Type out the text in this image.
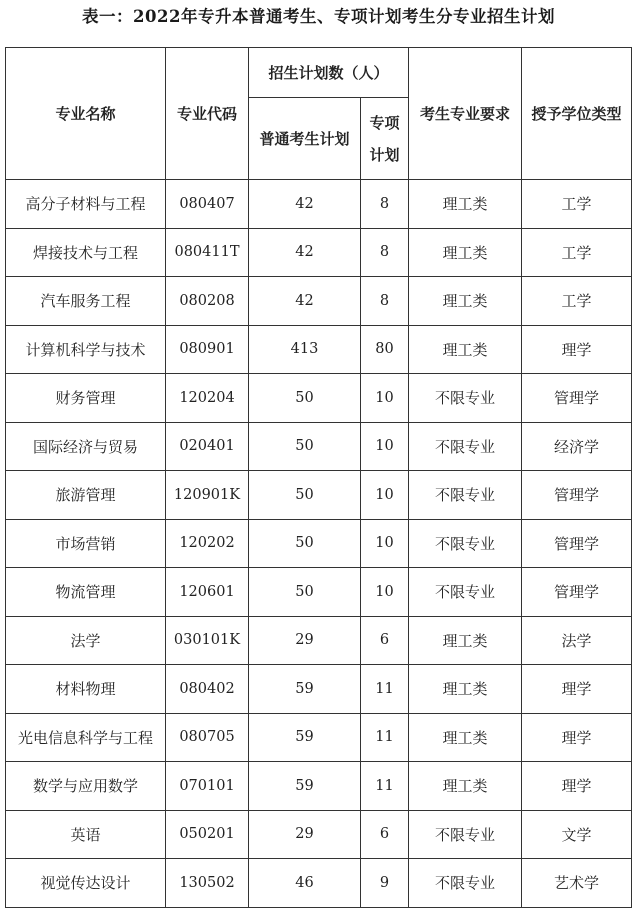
表一：2022年专升本普通考生、专项计划考生分专业招生计划
专业名称	专业代码	招生计划数（人）		考生专业要求	授予学位类型
		普通考生计划	专项
计划		

高分子材料与工程	080407	42	8	理工类	工学
焊接技术与工程	080411T	42	8	理工类	工学
汽车服务工程	080208	42	8	理工类	工学
计算机科学与技术	080901	413	80	理工类	理学
财务管理	120204	50	10	不限专业	管理学
国际经济与贸易	020401	50	10	不限专业	经济学
旅游管理	120901K	50	10	不限专业	管理学
市场营销	120202	50	10	不限专业	管理学
物流管理	120601	50	10	不限专业	管理学
法学	030101K	29	6	理工类	法学
材料物理	080402	59	11	理工类	理学
光电信息科学与工程	080705	59	11	理工类	理学
数学与应用数学	070101	59	11	理工类	理学
英语	050201	29	6	不限专业	文学
视觉传达设计	130502	46	9	不限专业	艺术学
